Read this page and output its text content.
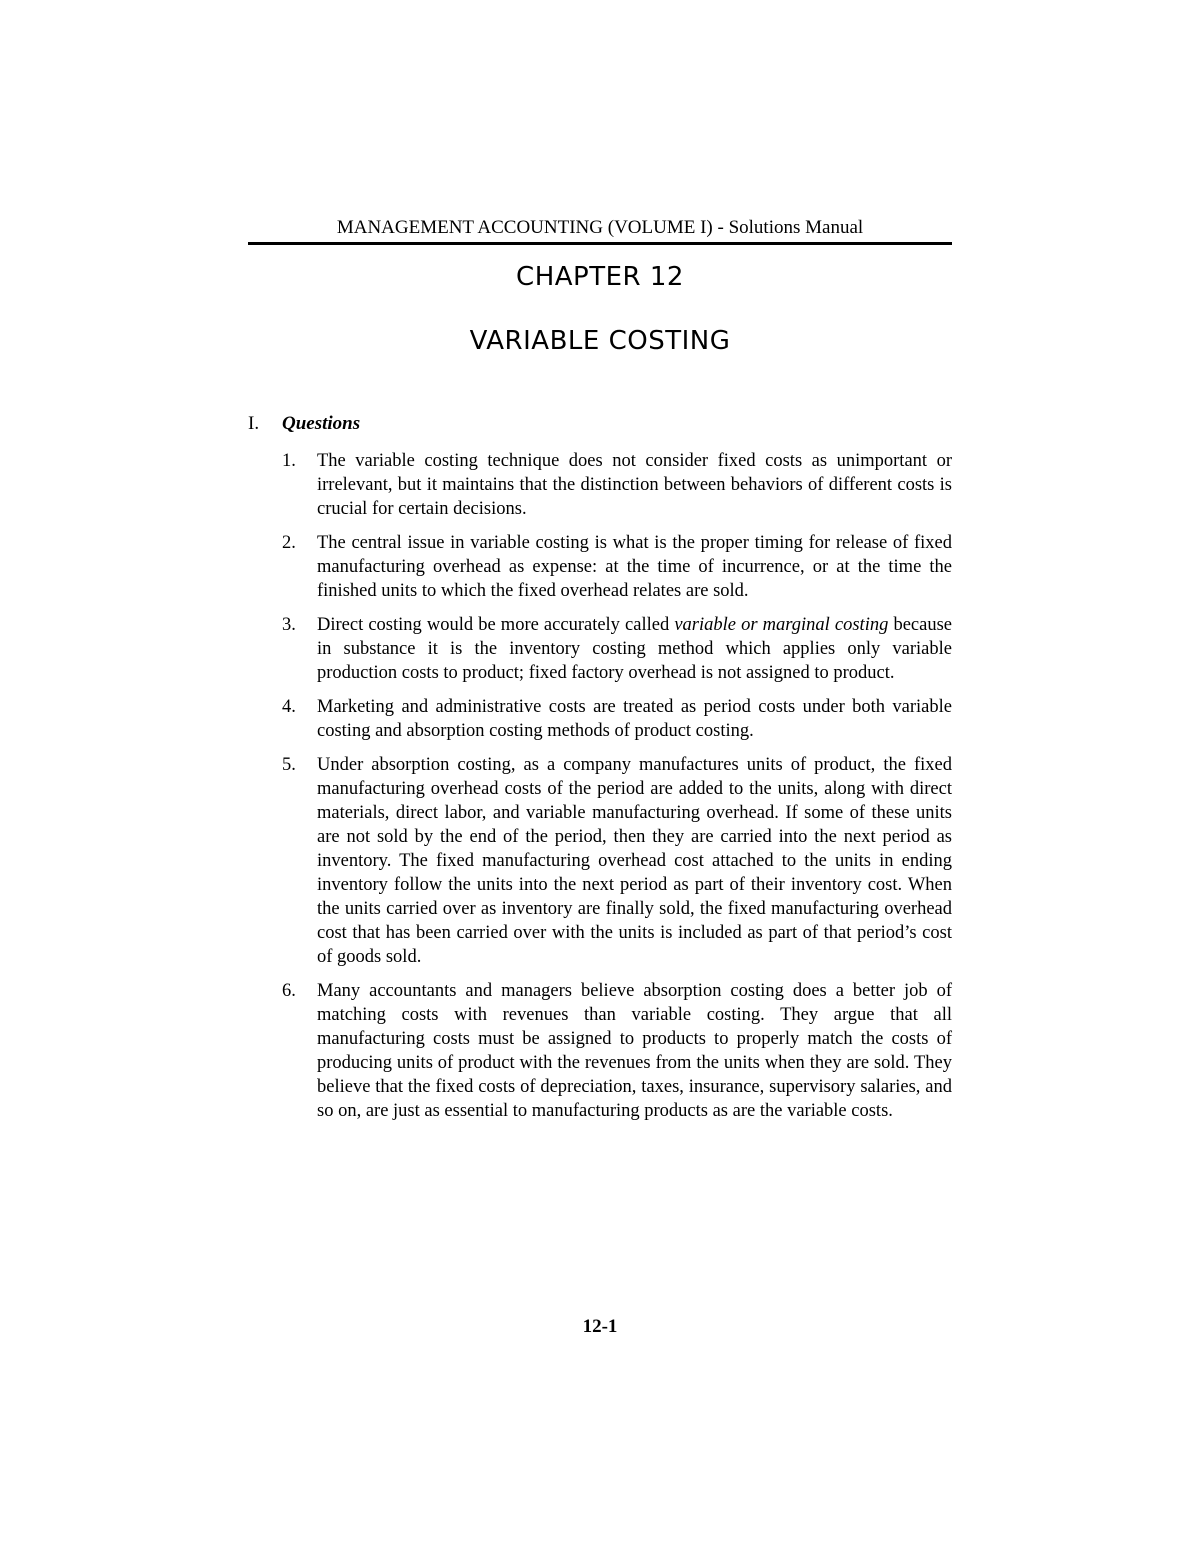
MANAGEMENT ACCOUNTING (VOLUME I) - Solutions Manual
CHAPTER 12
VARIABLE COSTING
I. Questions
1. The variable costing technique does not consider fixed costs as unimportant or irrelevant, but it maintains that the distinction between behaviors of different costs is crucial for certain decisions.
2. The central issue in variable costing is what is the proper timing for release of fixed manufacturing overhead as expense: at the time of incurrence, or at the time the finished units to which the fixed overhead relates are sold.
3. Direct costing would be more accurately called variable or marginal costing because in substance it is the inventory costing method which applies only variable production costs to product; fixed factory overhead is not assigned to product.
4. Marketing and administrative costs are treated as period costs under both variable costing and absorption costing methods of product costing.
5. Under absorption costing, as a company manufactures units of product, the fixed manufacturing overhead costs of the period are added to the units, along with direct materials, direct labor, and variable manufacturing overhead. If some of these units are not sold by the end of the period, then they are carried into the next period as inventory. The fixed manufacturing overhead cost attached to the units in ending inventory follow the units into the next period as part of their inventory cost. When the units carried over as inventory are finally sold, the fixed manufacturing overhead cost that has been carried over with the units is included as part of that period’s cost of goods sold.
6. Many accountants and managers believe absorption costing does a better job of matching costs with revenues than variable costing. They argue that all manufacturing costs must be assigned to products to properly match the costs of producing units of product with the revenues from the units when they are sold. They believe that the fixed costs of depreciation, taxes, insurance, supervisory salaries, and so on, are just as essential to manufacturing products as are the variable costs.
12-1
